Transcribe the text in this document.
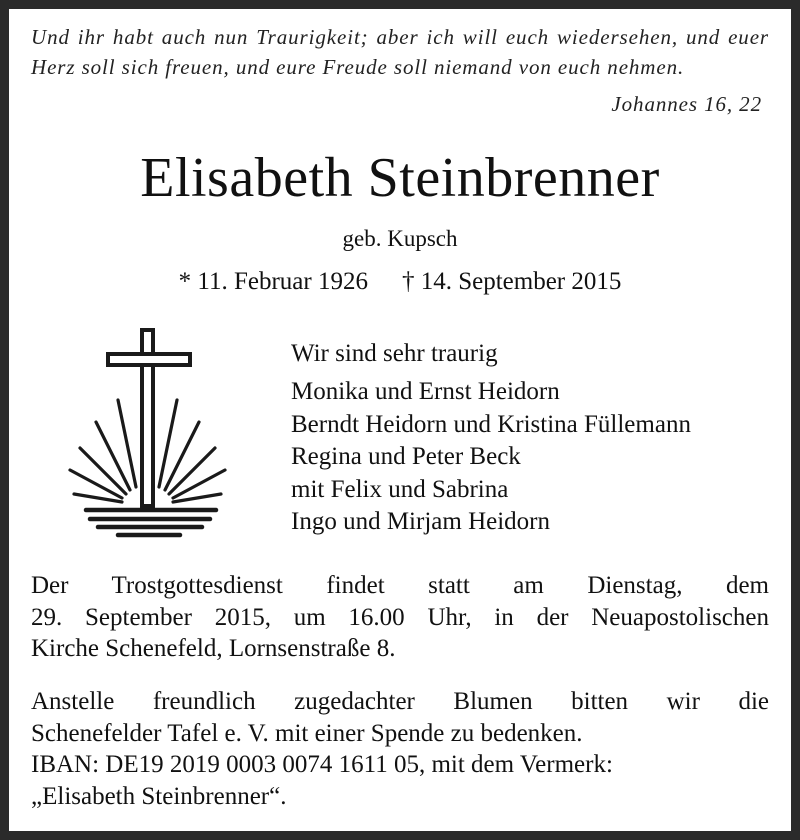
Und ihr habt auch nun Traurigkeit; aber ich will euch wiedersehen, und euer Herz soll sich freuen, und eure Freude soll niemand von euch nehmen.
Johannes 16, 22
Elisabeth Steinbrenner
geb. Kupsch
* 11. Februar 1926 † 14. September 2015
Wir sind sehr traurig
Monika und Ernst Heidorn
Berndt Heidorn und Kristina Füllemann
Regina und Peter Beck
mit Felix und Sabrina
Ingo und Mirjam Heidorn
Der Trostgottesdienst findet statt am Dienstag, dem
29. September 2015, um 16.00 Uhr, in der Neuapostolischen
Kirche Schenefeld, Lornsenstraße 8.
Anstelle freundlich zugedachter Blumen bitten wir die
Schenefelder Tafel e. V. mit einer Spende zu bedenken.
IBAN: DE19 2019 0003 0074 1611 05, mit dem Vermerk:
„Elisabeth Steinbrenner“.
